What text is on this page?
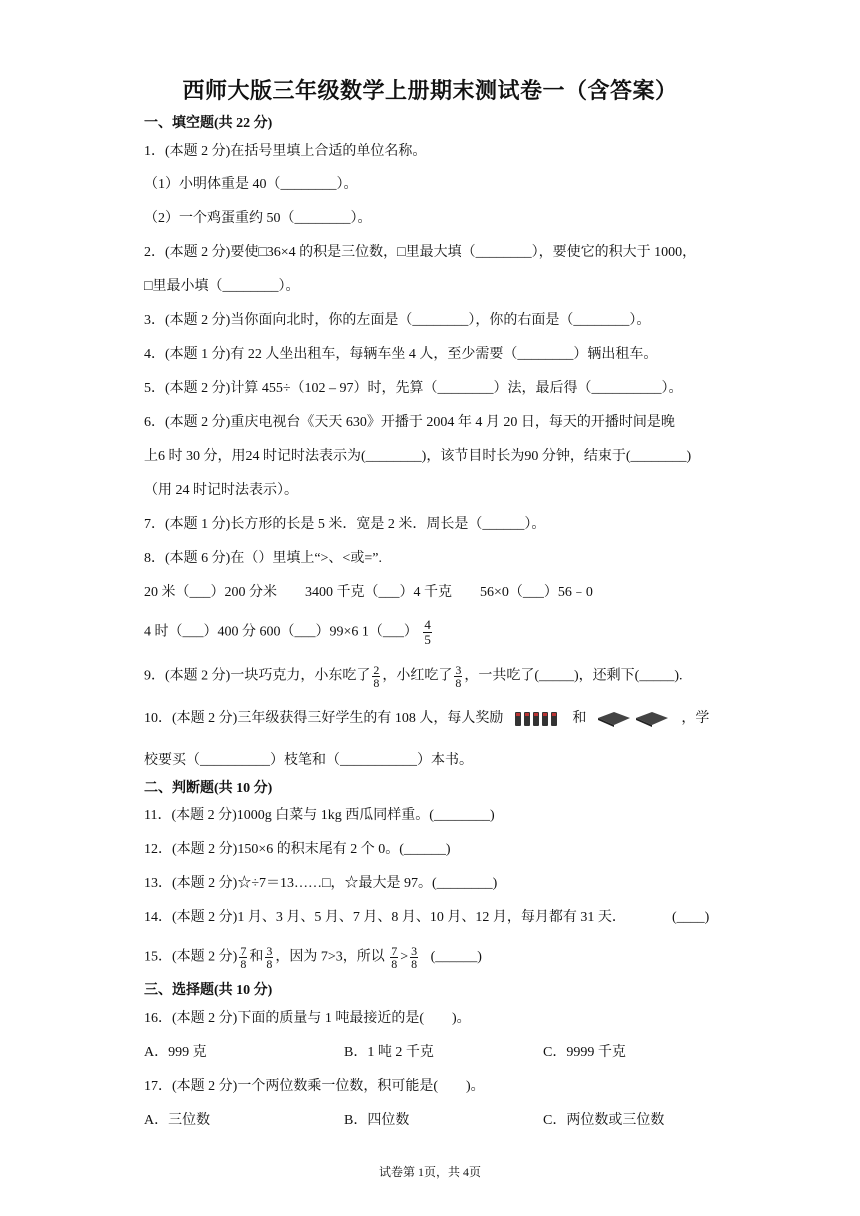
西师大版三年级数学上册期末测试卷一（含答案）
一、填空题(共 22 分)
1．(本题 2 分)在括号里填上合适的单位名称。
（1）小明体重是 40（________）。
（2）一个鸡蛋重约 50（________）。
2．(本题 2 分)要使□36×4 的积是三位数，□里最大填（________），要使它的积大于 1000，
□里最小填（________）。
3．(本题 2 分)当你面向北时，你的左面是（________），你的右面是（________）。
4．(本题 1 分)有 22 人坐出租车，每辆车坐 4 人，至少需要（________）辆出租车。
5．(本题 2 分)计算 455÷（102 – 97）时，先算（________）法，最后得（__________）。
6．(本题 2 分)重庆电视台《天天 630》开播于 2004 年 4 月 20 日，每天的开播时间是晚
上6 时 30 分，用24 时记时法表示为(________)，该节目时长为90 分钟，结束于(________)
（用 24 时记时法表示）。
7．(本题 1 分)长方形的长是 5 米．宽是 2 米．周长是（______）。
8．(本题 6 分)在（）里填上“>、<或=”.
20 米（___）200 分米　　3400 千克（___）4 千克　　56×0（___）56﹣0
4 时（___）400 分 600（___）99×6 1（___） $\frac{4}{5}$
9．(本题 2 分)一块巧克力，小东吃了 $\frac{2}{8}$ ，小红吃了 $\frac{3}{8}$ ，一共吃了(_____)，还剩下(_____).
10．(本题 2 分)三年级获得三好学生的有 108 人，每人奖励	和	，学
校要买（__________）枝笔和（___________）本书。
二、判断题(共 10 分)
11．(本题 2 分)1000g 白菜与 1kg 西瓜同样重。(________)
12．(本题 2 分)150×6 的积末尾有 2 个 0。(______)
13．(本题 2 分)☆÷7＝13……□，☆最大是 97。(________)
14．(本题 2 分)1 月、3 月、5 月、7 月、8 月、10 月、12 月，每月都有 31 天．	(____)
15．(本题 2 分) $\frac{7}{8}$ 和 $\frac{3}{8}$ ，因为 7>3，所以 $\frac{7}{8} > \frac{3}{8}$ (______)
三、选择题(共 10 分)
16．(本题 2 分)下面的质量与 1 吨最接近的是(　　)。
A．999 克	B．1 吨 2 千克	C．9999 千克
17．(本题 2 分)一个两位数乘一位数，积可能是(　　)。
A．三位数	B．四位数	C．两位数或三位数
试卷第 1页，共 4页
